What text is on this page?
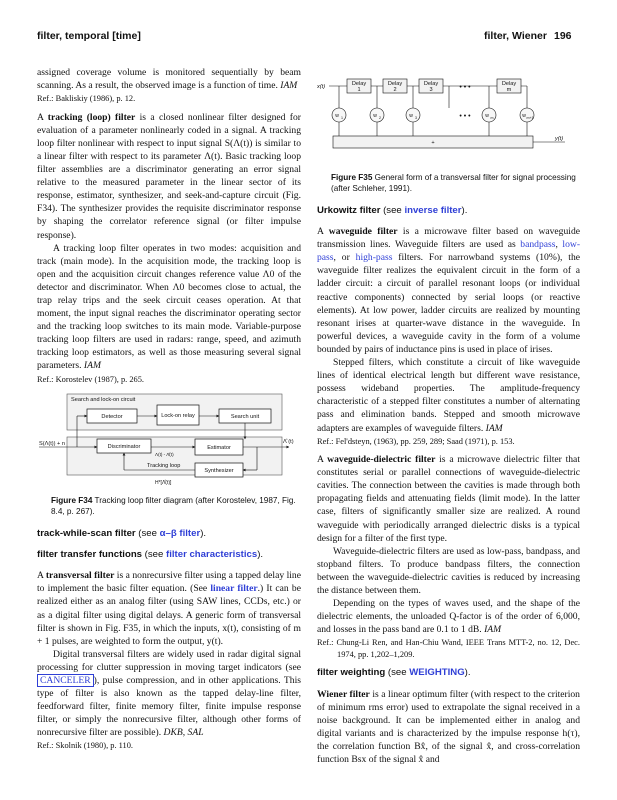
filter, temporal [time]	filter, Wiener 196

assigned coverage volume is monitored sequentially by beam scanning. As a result, the observed image is a function of time. IAM

Ref.: Bakliskiy (1986), p. 12.

A tracking (loop) filter is a closed nonlinear filter designed for evaluation of a parameter nonlinearly coded in a signal. A tracking loop filter nonlinear with respect to input signal S(Λ(t)) is similar to a linear filter with respect to its parameter Λ(t). Basic tracking loop filter assemblies are a discriminator generating an error signal relative to the measured parameter in the linear sector of its response, estimator, synthesizer, and seek-and-capture circuit (Fig. F34). The synthesizer provides the requisite discriminator response by shaping the correlator reference signal (or filter impulse response).

A tracking loop filter operates in two modes: acquisition and track (main mode). In the acquisition mode, the tracking loop is open and the acquisition circuit changes reference value Λ0 of the detector and discriminator. When Λ0 becomes close to actual, the trap relay trips and the seek circuit ceases operation. At that moment, the input signal reaches the discriminator operating sector and the tracking loop switches to its main mode. Variable-purpose tracking loop filters are used in radars: range, speed, and azimuth tracking loop estimators, as well as those measuring several signal parameters. IAM

Ref.: Korostelev (1987), p. 265.

Search and lock-on circuit
Detector	Lock-on relay	Search unit
Discriminator	Estimator
Λ(t) - Λ̂(t)
Tracking loop
Synthesizer
S(Λ(t)) + n	Λ̂ (t)
H*[Λ̂(t)]

Figure F34 Tracking loop filter diagram (after Korostelev, 1987, Fig. 8.4, p. 267).

track-while-scan filter (see α–β filter).

filter transfer functions (see filter characteristics).

A transversal filter is a nonrecursive filter using a tapped delay line to implement the basic filter equation. (See linear filter.) It can be realized either as an analog filter (using SAW lines, CCDs, etc.) or as a digital filter using digital delays. A generic form of transversal filter is shown in Fig. F35, in which the inputs, x(t), consisting of m + 1 pulses, are weighted to form the output, y(t).

Digital transversal filters are widely used in radar digital signal processing for clutter suppression in moving target indicators (see CANCELER ), pulse compression, and in other applications. This type of filter is also known as the tapped delay-line filter, feedforward filter, finite memory filter, finite impulse response filter, or simply the nonrecursive filter, although other forms of nonrecursive filter are possible). DKB, SAL

Ref.: Skolnik (1980), p. 110.

x(t)	Delay
1
Delay
2
Delay
3	• • •	Delay
m
w 1	w 2	w 3	• • •	w m	w m+1
+
y(t)

Figure F35 General form of a transversal filter for signal processing (after Schleher, 1991).

Urkowitz filter (see inverse filter).

A waveguide filter is a microwave filter based on waveguide transmission lines. Waveguide filters are used as bandpass, low-pass, or high-pass filters. For narrowband systems (10%), the waveguide filter realizes the equivalent circuit in the form of a ladder circuit: a circuit of parallel resonant loops (or individual reactive components) connected by serial loops (or reactive elements). At low power, ladder circuits are realized by mounting resonant irises at quarter-wave distance in the waveguide. In powerful devices, a waveguide cavity in the form of a volume bounded by pairs of inductance pins is used in place of irises.

Stepped filters, which constitute a circuit of like waveguide lines of identical electrical length but different wave resistance, possess wideband properties. The amplitude-frequency characteristic of a stepped filter constitutes a number of alternating pass and elimination bands. Stepped and smooth microwave adapters are examples of waveguide filters. IAM

Ref.: Fel'dsteyn, (1963), pp. 259, 289; Saad (1971), p. 153.

A waveguide-dielectric filter is a microwave dielectric filter that constitutes serial or parallel connections of waveguide-dielectric cavities. The connection between the cavities is made through both propagating fields and attenuating fields (limit mode). In the latter case, filters of significantly smaller size are realized. A round waveguide with periodically arranged dielectric disks is a typical design for a filter of the first type.

Waveguide-dielectric filters are used as low-pass, bandpass, and stopband filters. To produce bandpass filters, the connection between the waveguide-dielectric cavities is reduced by increasing the distance between them.

Depending on the types of waves used, and the shape of the dielectric elements, the unloaded Q-factor is of the order of 6,000, and losses in the pass band are 0.1 to 1 dB. IAM

Ref.: Chung-Li Ren, and Han-Chiu Wand, IEEE Trans MTT-2, no. 12, Dec. 1974, pp. 1,202–1,209.

filter weighting (see WEIGHTING).

Wiener filter is a linear optimum filter (with respect to the criterion of minimum rms error) used to extrapolate the signal received in a noise background. It can be implemented either in analog and digital variants and is characterized by the impulse response h(τ), the correlation function Bx̂, of the signal x̂, and cross-correlation function Bsx of the signal x̂ and
